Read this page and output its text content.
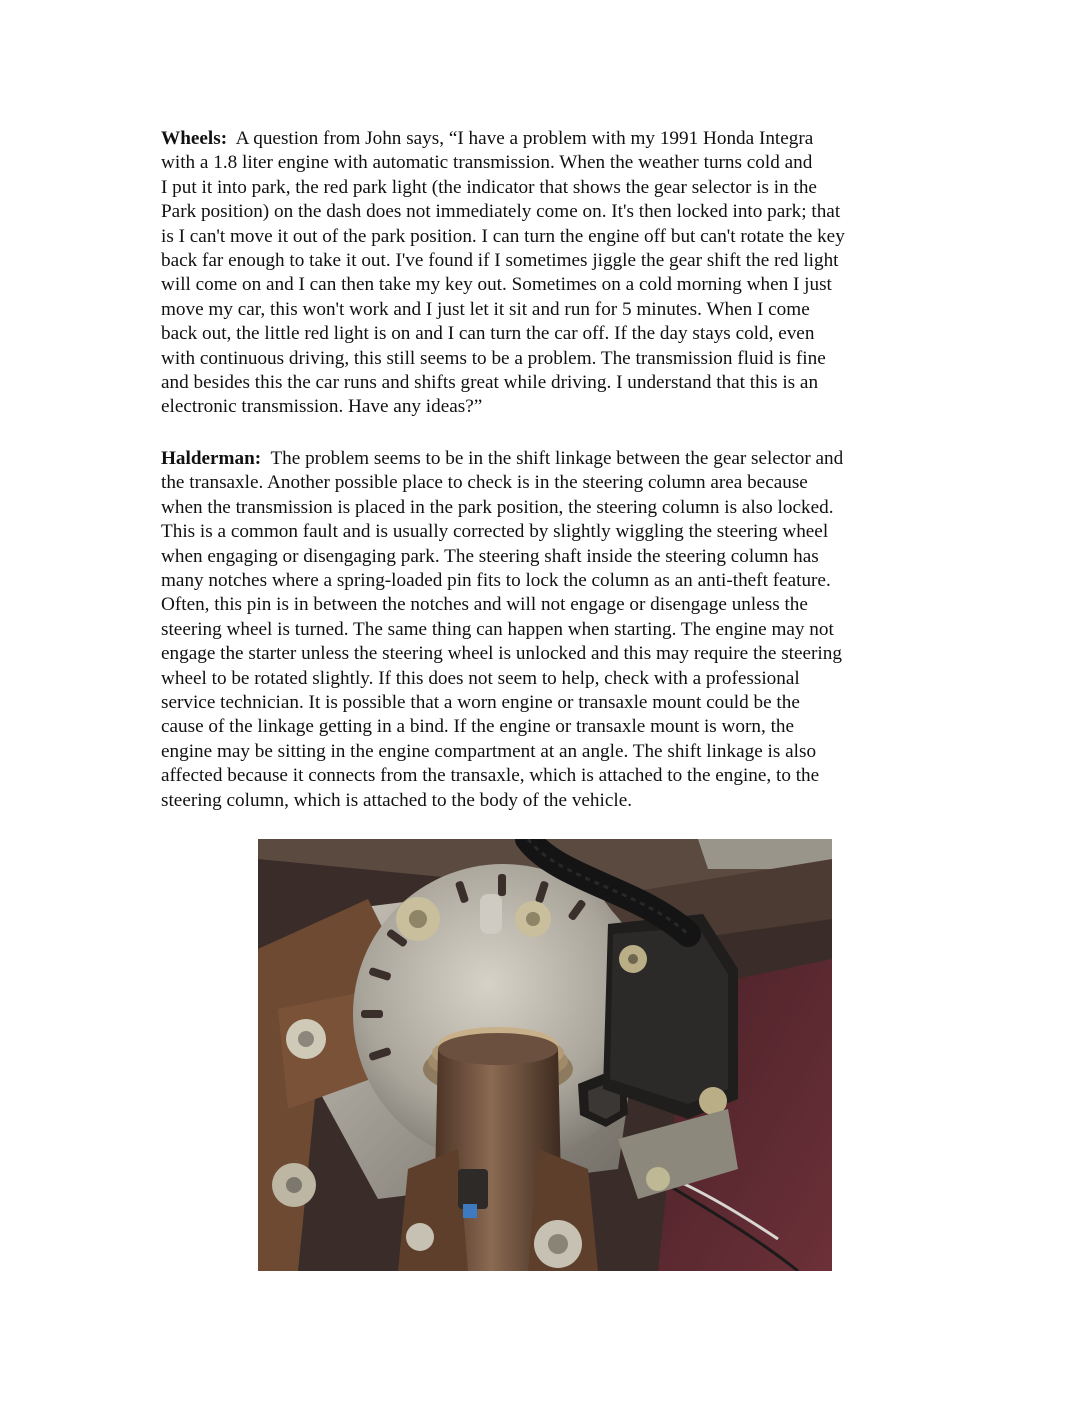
Wheels: A question from John says, “I have a problem with my 1991 Honda Integra
with a 1.8 liter engine with automatic transmission. When the weather turns cold and
I put it into park, the red park light (the indicator that shows the gear selector is in the
Park position) on the dash does not immediately come on. It's then locked into park; that
is I can't move it out of the park position. I can turn the engine off but can't rotate the key
back far enough to take it out. I've found if I sometimes jiggle the gear shift the red light
will come on and I can then take my key out. Sometimes on a cold morning when I just
move my car, this won't work and I just let it sit and run for 5 minutes. When I come
back out, the little red light is on and I can turn the car off. If the day stays cold, even
with continuous driving, this still seems to be a problem. The transmission fluid is fine
and besides this the car runs and shifts great while driving. I understand that this is an
electronic transmission. Have any ideas?”
Halderman: The problem seems to be in the shift linkage between the gear selector and
the transaxle. Another possible place to check is in the steering column area because
when the transmission is placed in the park position, the steering column is also locked.
This is a common fault and is usually corrected by slightly wiggling the steering wheel
when engaging or disengaging park. The steering shaft inside the steering column has
many notches where a spring-loaded pin fits to lock the column as an anti-theft feature.
Often, this pin is in between the notches and will not engage or disengage unless the
steering wheel is turned. The same thing can happen when starting. The engine may not
engage the starter unless the steering wheel is unlocked and this may require the steering
wheel to be rotated slightly. If this does not seem to help, check with a professional
service technician. It is possible that a worn engine or transaxle mount could be the
cause of the linkage getting in a bind. If the engine or transaxle mount is worn, the
engine may be sitting in the engine compartment at an angle. The shift linkage is also
affected because it connects from the transaxle, which is attached to the engine, to the
steering column, which is attached to the body of the vehicle.
